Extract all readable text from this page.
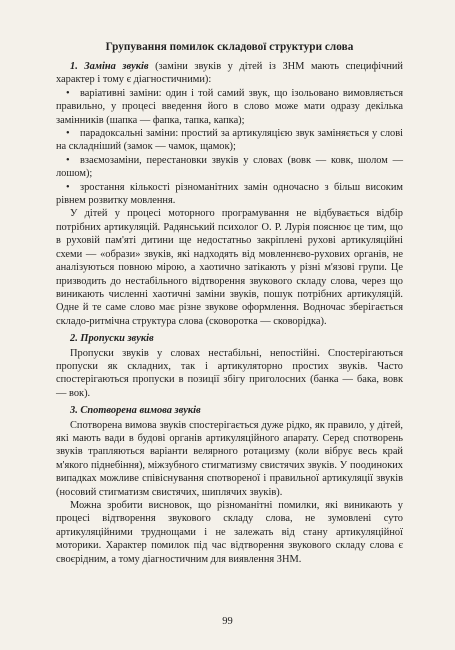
Групування помилок складової структури слова

1. Заміна звуків (заміни звуків у дітей із ЗНМ мають специфічний характер і тому є діагностичними):

• варіативні заміни: один і той самий звук, що ізольовано вимовляється правильно, у процесі введення його в слово може мати одразу декілька замінників (шапка — фапка, тапка, капка);

• парадоксальні заміни: простий за артикуляцією звук заміняється у слові на складніший (замок — чамок, щамок);

• взаємозаміни, перестановки звуків у словах (вовк — ковк, шолом — лошом);

• зростання кількості різноманітних замін одночасно з більш високим рівнем розвитку мовлення.

У дітей у процесі моторного програмування не відбувається відбір потрібних артикуляцій. Радянський психолог О. Р. Лурія пояснює це тим, що в руховій пам'яті дитини ще недостатньо закріплені рухові артикуляційні схеми — «образи» звуків, які надходять від мовленнєво-рухових органів, не аналізуються повною мірою, а хаотично затікають у різні м'язові групи. Це призводить до нестабільного відтворення звукового складу слова, через що виникають численні хаотичні заміни звуків, пошук потрібних артикуляцій. Одне й те саме слово має різне звукове оформлення. Водночас зберігається складо-ритмічна структура слова (сковоротка — сковорідка).

2. Пропуски звуків

Пропуски звуків у словах нестабільні, непостійні. Спостерігаються пропуски як складних, так і артикуляторно простих звуків. Часто спостерігаються пропуски в позиції збігу приголосних (банка — бака, вовк — вок).

3. Спотворена вимова звуків

Спотворена вимова звуків спостерігається дуже рідко, як правило, у дітей, які мають вади в будові органів артикуляційного апарату. Серед спотворень звуків трапляються варіанти велярного ротацизму (коли вібрує весь край м'якого піднебіння), міжзубного стигматизму свистячих звуків. У поодиноких випадках можливе співіснування спотвореної і правильної артикуляції звуків (носовий стигматизм свистячих, шиплячих звуків).

Можна зробити висновок, що різноманітні помилки, які виникають у процесі відтворення звукового складу слова, не зумовлені суто артикуляційними труднощами і не залежать від стану артикуляційної моторики. Характер помилок під час відтворення звукового складу слова є своєрідним, а тому діагностичним для виявлення ЗНМ.

99
